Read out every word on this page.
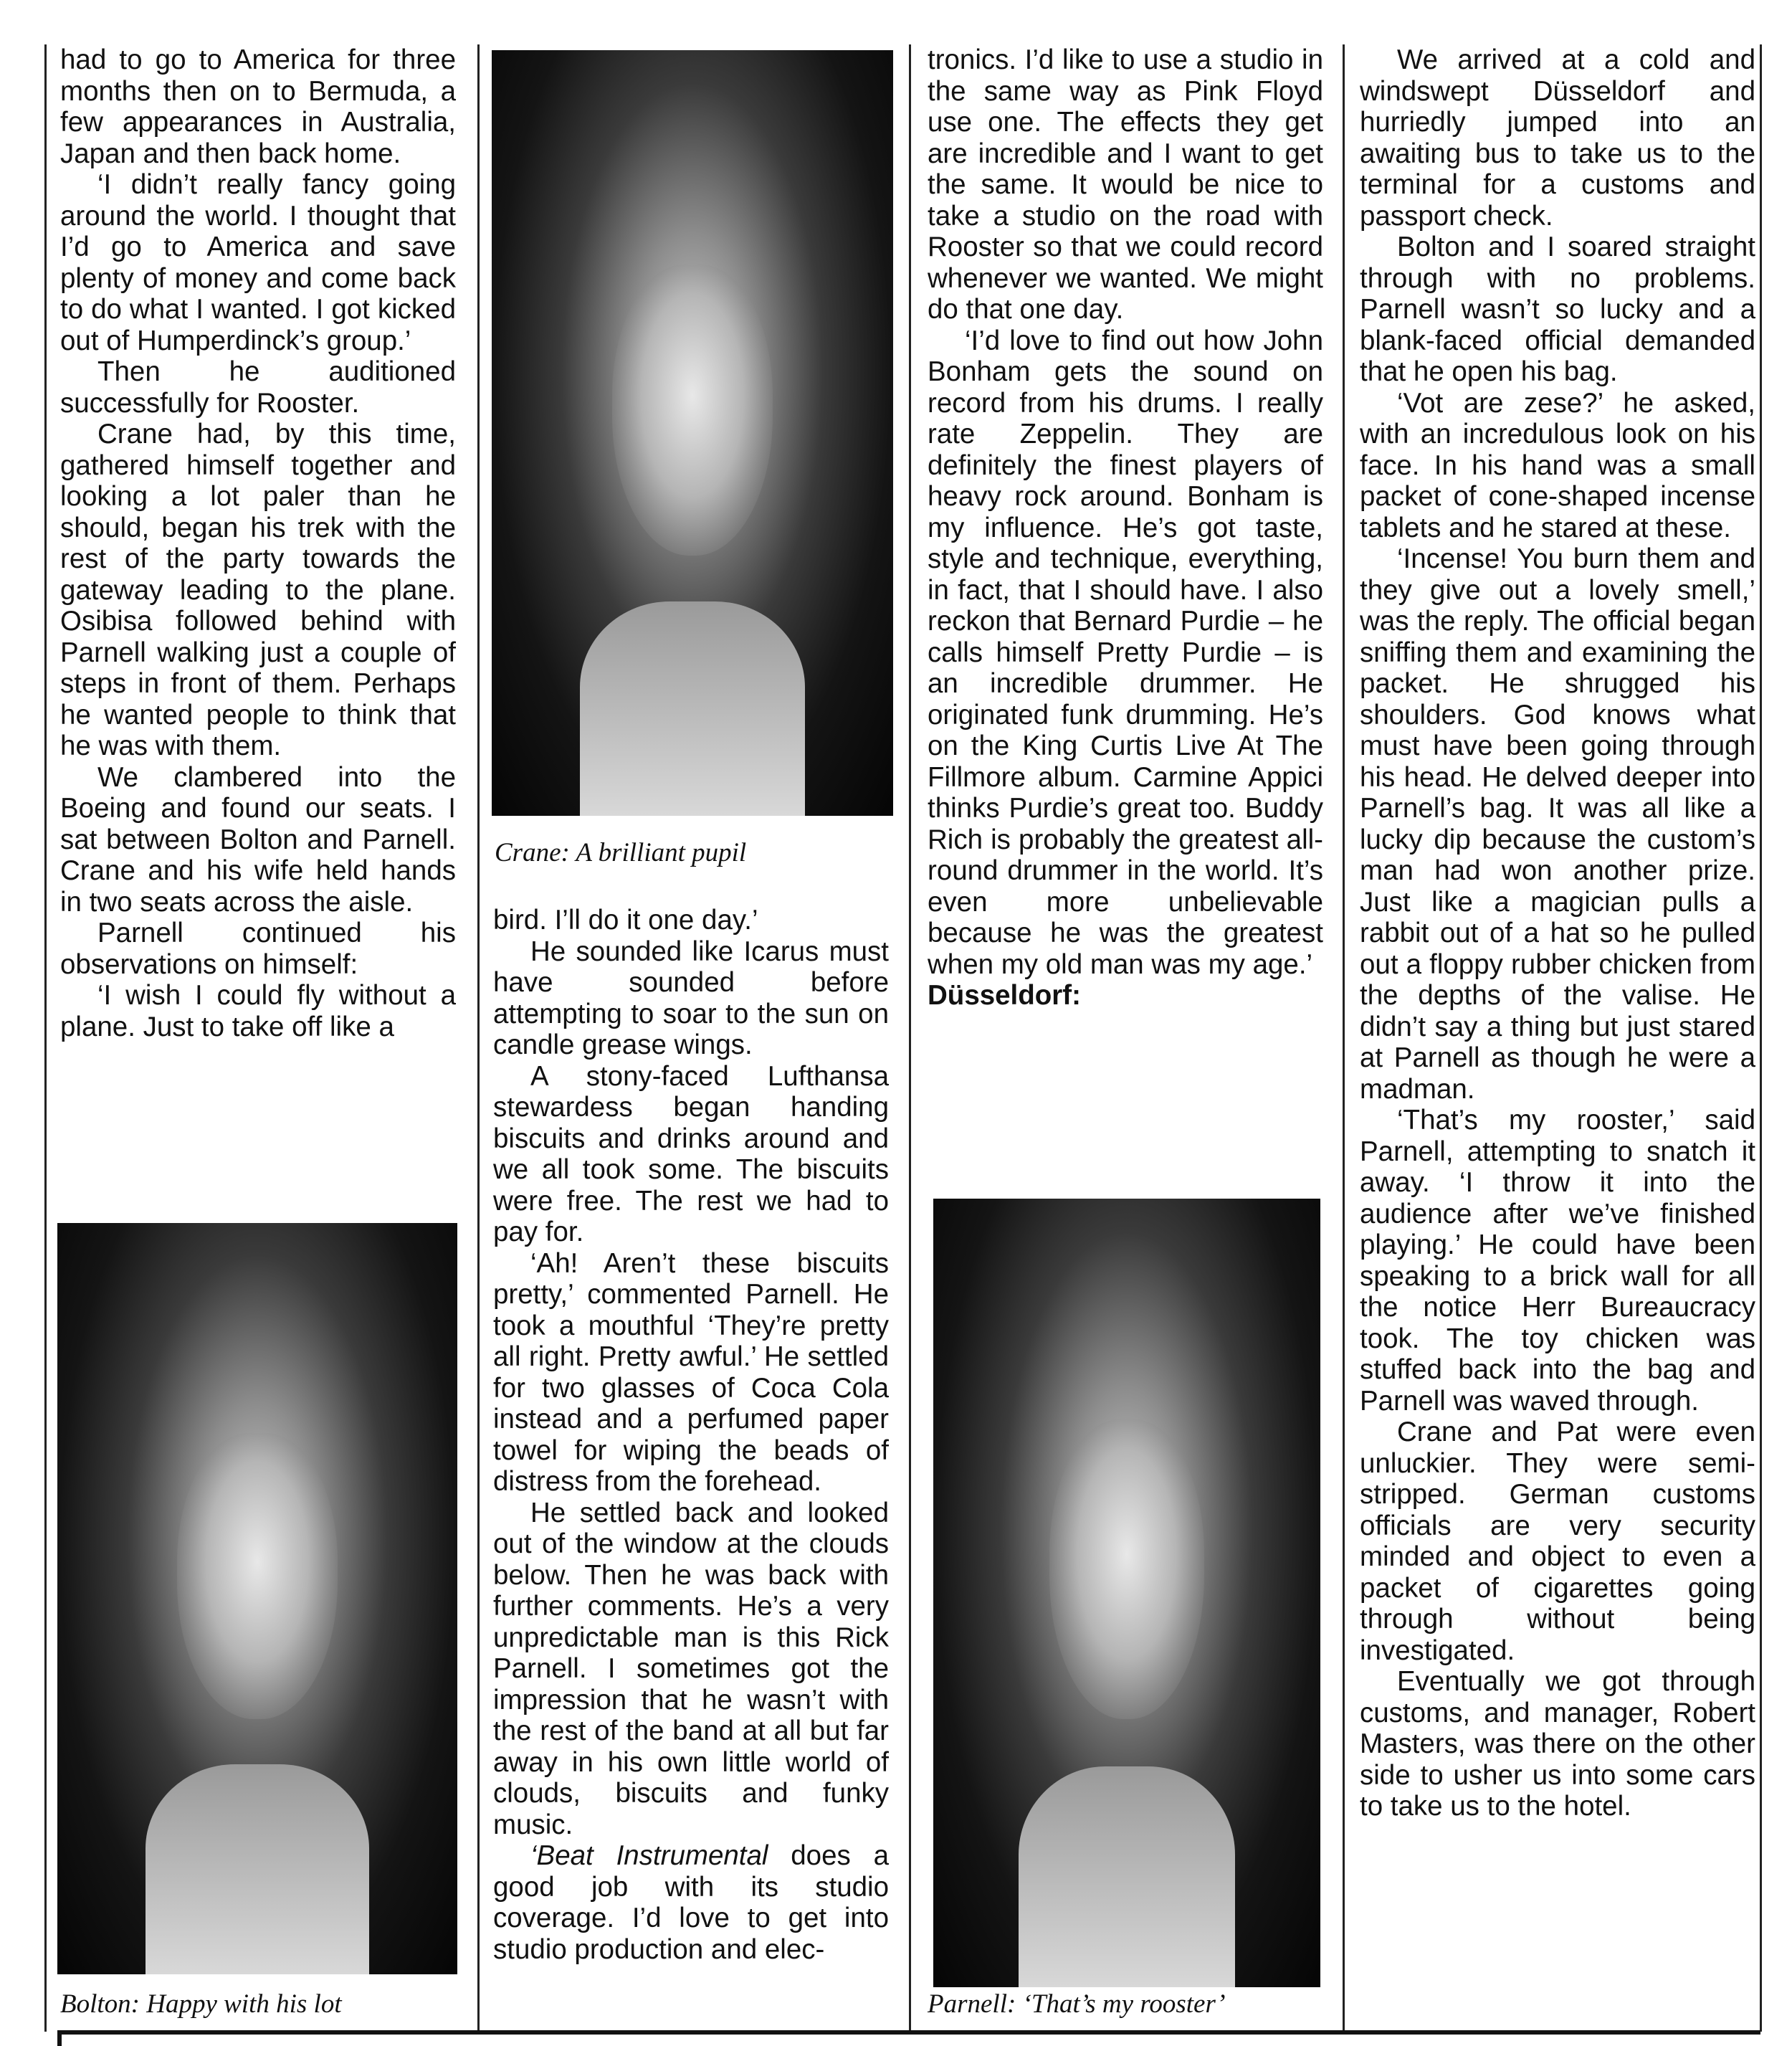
had to go to America for three months then on to Bermuda, a few appearances in Australia, Japan and then back home.

‘I didn’t really fancy going around the world. I thought that I’d go to America and save plenty of money and come back to do what I wanted. I got kicked out of Humperdinck’s group.’

Then he auditioned successfully for Rooster.

Crane had, by this time, gathered himself together and looking a lot paler than he should, began his trek with the rest of the party towards the gateway leading to the plane. Osibisa followed behind with Parnell walking just a couple of steps in front of them. Perhaps he wanted people to think that he was with them.

We clambered into the Boeing and found our seats. I sat between Bolton and Parnell. Crane and his wife held hands in two seats across the aisle.

Parnell continued his observations on himself:

‘I wish I could fly without a plane. Just to take off like a

Bolton: Happy with his lot
Crane: A brilliant pupil

bird. I’ll do it one day.’

He sounded like Icarus must have sounded before attempting to soar to the sun on candle grease wings.

A stony-faced Lufthansa stewardess began handing biscuits and drinks around and we all took some. The biscuits were free. The rest we had to pay for.

‘Ah! Aren’t these biscuits pretty,’ commented Parnell. He took a mouthful ‘They’re pretty all right. Pretty awful.’ He settled for two glasses of Coca Cola instead and a perfumed paper towel for wiping the beads of distress from the forehead.

He settled back and looked out of the window at the clouds below. Then he was back with further comments. He’s a very unpredictable man is this Rick Parnell. I sometimes got the impression that he wasn’t with the rest of the band at all but far away in his own little world of clouds, biscuits and funky music.

‘Beat Instrumental does a good job with its studio coverage. I’d love to get into studio production and elec-

tronics. I’d like to use a studio in the same way as Pink Floyd use one. The effects they get are incredible and I want to get the same. It would be nice to take a studio on the road with Rooster so that we could record whenever we wanted. We might do that one day.

‘I’d love to find out how John Bonham gets the sound on record from his drums. I really rate Zeppelin. They are definitely the finest players of heavy rock around. Bonham is my influence. He’s got taste, style and technique, everything, in fact, that I should have. I also reckon that Bernard Purdie – he calls himself Pretty Purdie – is an incredible drummer. He originated funk drumming. He’s on the King Curtis Live At The Fillmore album. Carmine Appici thinks Purdie’s great too. Buddy Rich is probably the greatest all-round drummer in the world. It’s even more unbelievable because he was the greatest when my old man was my age.’

Düsseldorf:

Parnell: ‘That’s my rooster’

We arrived at a cold and windswept Düsseldorf and hurriedly jumped into an awaiting bus to take us to the terminal for a customs and passport check.

Bolton and I soared straight through with no problems. Parnell wasn’t so lucky and a blank-faced official demanded that he open his bag.

‘Vot are zese?’ he asked, with an incredulous look on his face. In his hand was a small packet of cone-shaped incense tablets and he stared at these.

‘Incense! You burn them and they give out a lovely smell,’ was the reply. The official began sniffing them and examining the packet. He shrugged his shoulders. God knows what must have been going through his head. He delved deeper into Parnell’s bag. It was all like a lucky dip because the custom’s man had won another prize. Just like a magician pulls a rabbit out of a hat so he pulled out a floppy rubber chicken from the depths of the valise. He didn’t say a thing but just stared at Parnell as though he were a madman.

‘That’s my rooster,’ said Parnell, attempting to snatch it away. ‘I throw it into the audience after we’ve finished playing.’ He could have been speaking to a brick wall for all the notice Herr Bureaucracy took. The toy chicken was stuffed back into the bag and Parnell was waved through.

Crane and Pat were even unluckier. They were semi-stripped. German customs officials are very security minded and object to even a packet of cigarettes going through without being investigated.

Eventually we got through customs, and manager, Robert Masters, was there on the other side to usher us into some cars to take us to the hotel.
